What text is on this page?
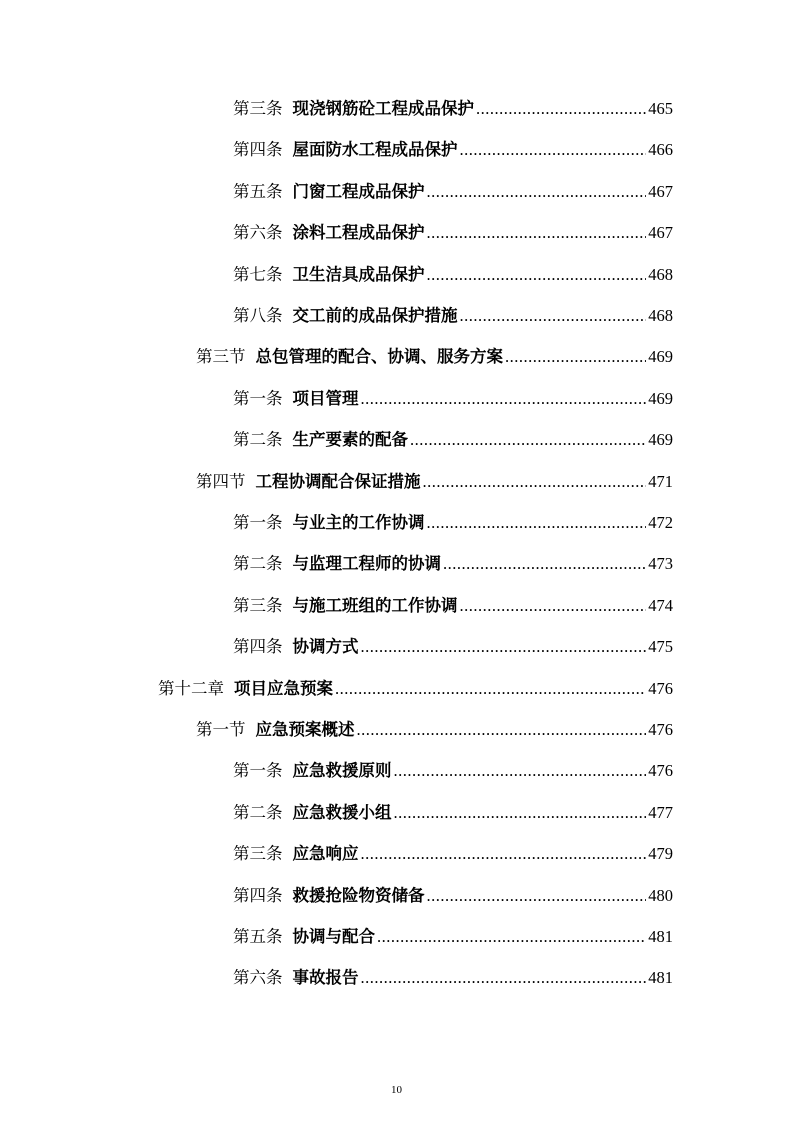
第三条 现浇钢筋砼工程成品保护 .....	465
第四条 屋面防水工程成品保护 .....	466
第五条 门窗工程成品保护 .....	467
第六条 涂料工程成品保护 .....	467
第七条 卫生洁具成品保护 .....	468
第八条 交工前的成品保护措施 .....	468
第三节 总包管理的配合、协调、服务方案 .....	469
第一条 项目管理 .....	469
第二条 生产要素的配备 .....	469
第四节 工程协调配合保证措施 .....	471
第一条 与业主的工作协调 .....	472
第二条 与监理工程师的协调 .....	473
第三条 与施工班组的工作协调 .....	474
第四条 协调方式 .....	475
第十二章 项目应急预案 .....	476
第一节 应急预案概述 .....	476
第一条 应急救援原则 .....	476
第二条 应急救援小组 .....	477
第三条 应急响应 .....	479
第四条 救援抢险物资储备 .....	480
第五条 协调与配合 .....	481
第六条 事故报告 .....	481
10
